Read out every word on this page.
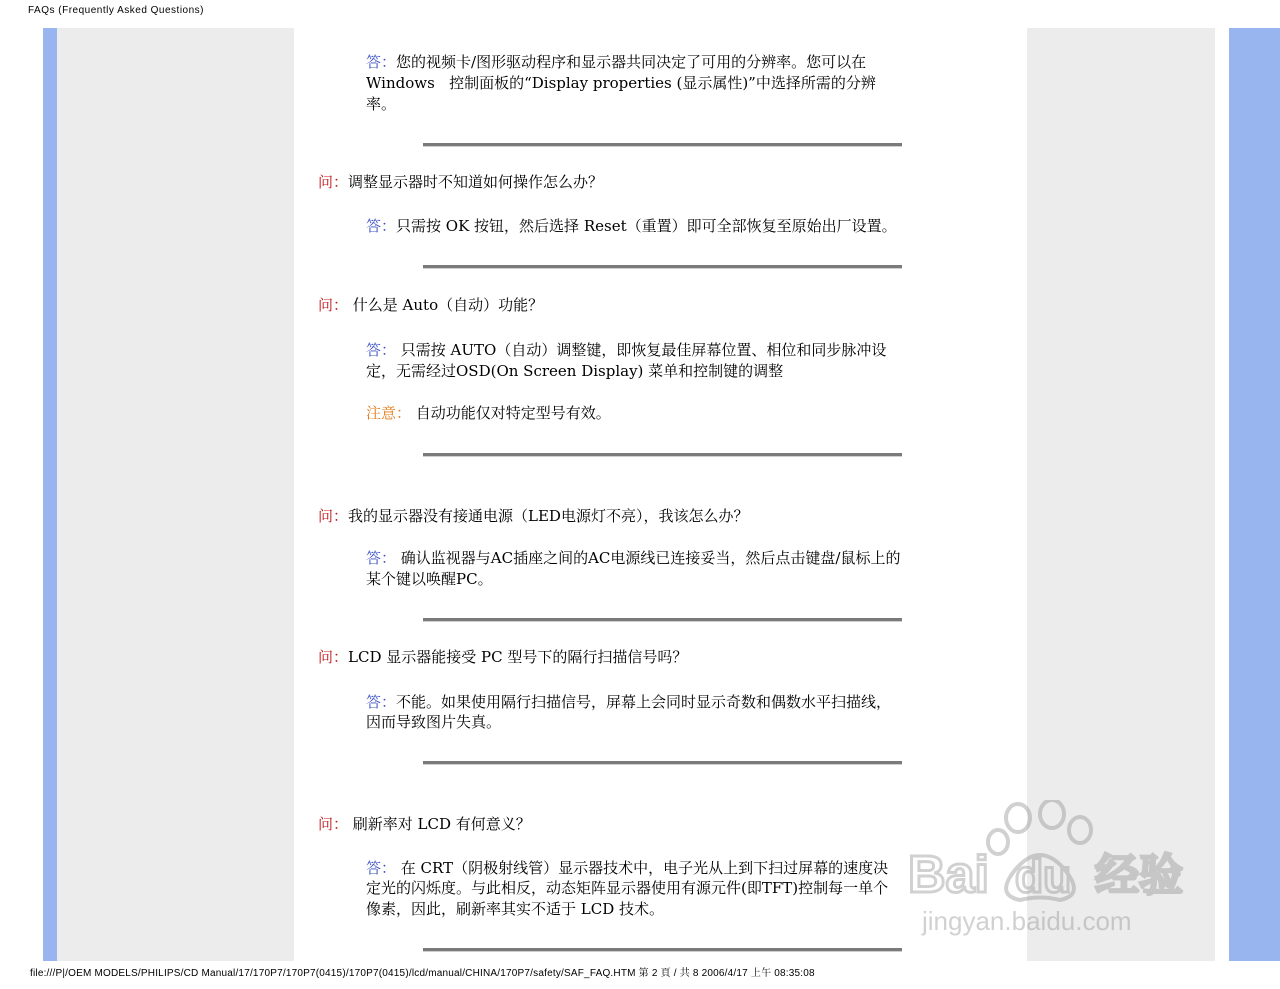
FAQs (Frequently Asked Questions)
答：您的视频卡/图形驱动程序和显示器共同决定了可用的分辨率。您可以在
Windows   控制面板的“Display properties (显示属性)”中选择所需的分辨
率。
问：调整显示器时不知道如何操作怎么办？
答：只需按 OK 按钮，然后选择 Reset（重置）即可全部恢复至原始出厂设置。
问： 什么是 Auto（自动）功能？
答： 只需按 AUTO（自动）调整键，即恢复最佳屏幕位置、相位和同步脉冲设
定，无需经过OSD(On Screen Display) 菜单和控制键的调整
注意： 自动功能仅对特定型号有效。
问：我的显示器没有接通电源（LED电源灯不亮），我该怎么办？
答： 确认监视器与AC插座之间的AC电源线已连接妥当，然后点击键盘/鼠标上的
某个键以唤醒PC。
问：LCD 显示器能接受 PC 型号下的隔行扫描信号吗？
答：不能。如果使用隔行扫描信号，屏幕上会同时显示奇数和偶数水平扫描线，
因而导致图片失真。
问： 刷新率对 LCD 有何意义？
答： 在 CRT（阴极射线管）显示器技术中，电子光从上到下扫过屏幕的速度决
定光的闪烁度。与此相反，动态矩阵显示器使用有源元件(即TFT)控制每一单个
像素，因此，刷新率其实不适于 LCD 技术。
Bai du 经验
jingyan.baidu.com
file:///P|/OEM MODELS/PHILIPS/CD Manual/17/170P7/170P7(0415)/170P7(0415)/lcd/manual/CHINA/170P7/safety/SAF_FAQ.HTM 第 2 頁 / 共 8 2006/4/17 上午 08:35:08
